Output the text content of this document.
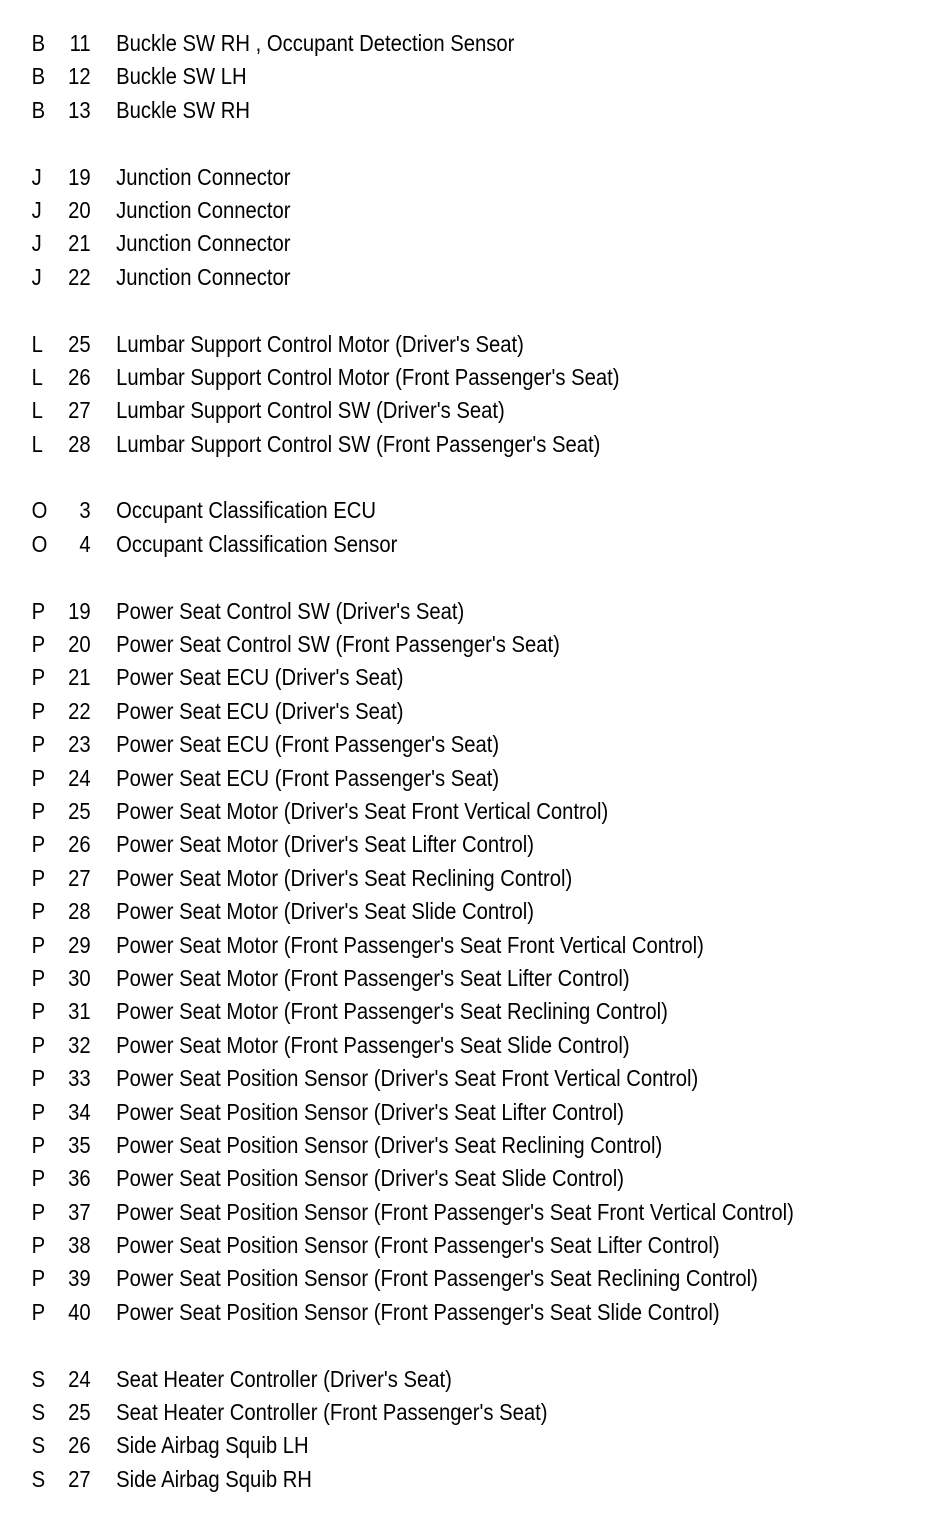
B	11 Buckle SW RH , Occupant Detection Sensor
B 12 Buckle SW LH
B 13 Buckle SW RH
J	19 Junction Connector
J	20 Junction Connector
J	21 Junction Connector
J	22 Junction Connector
L	25 Lumbar Support Control Motor (Driver's Seat)
L	26 Lumbar Support Control Motor (Front Passenger's Seat)
L	27 Lumbar Support Control SW (Driver's Seat)
L	28 Lumbar Support Control SW (Front Passenger's Seat)
O	3 Occupant Classification ECU
O	4 Occupant Classification Sensor
P 19 Power Seat Control SW (Driver's Seat)
P 20 Power Seat Control SW (Front Passenger's Seat)
P 21 Power Seat ECU (Driver's Seat)
P 22 Power Seat ECU (Driver's Seat)
P 23 Power Seat ECU (Front Passenger's Seat)
P 24 Power Seat ECU (Front Passenger's Seat)
P 25 Power Seat Motor (Driver's Seat Front Vertical Control)
P 26 Power Seat Motor (Driver's Seat Lifter Control)
P 27 Power Seat Motor (Driver's Seat Reclining Control)
P 28 Power Seat Motor (Driver's Seat Slide Control)
P 29 Power Seat Motor (Front Passenger's Seat Front Vertical Control)
P 30 Power Seat Motor (Front Passenger's Seat Lifter Control)
P 31 Power Seat Motor (Front Passenger's Seat Reclining Control)
P 32 Power Seat Motor (Front Passenger's Seat Slide Control)
P 33 Power Seat Position Sensor (Driver's Seat Front Vertical Control)
P 34 Power Seat Position Sensor (Driver's Seat Lifter Control)
P 35 Power Seat Position Sensor (Driver's Seat Reclining Control)
P 36 Power Seat Position Sensor (Driver's Seat Slide Control)
P 37 Power Seat Position Sensor (Front Passenger's Seat Front Vertical Control)
P 38 Power Seat Position Sensor (Front Passenger's Seat Lifter Control)
P 39 Power Seat Position Sensor (Front Passenger's Seat Reclining Control)
P 40 Power Seat Position Sensor (Front Passenger's Seat Slide Control)
S 24 Seat Heater Controller (Driver's Seat)
S 25 Seat Heater Controller (Front Passenger's Seat)
S 26 Side Airbag Squib LH
S 27 Side Airbag Squib RH
